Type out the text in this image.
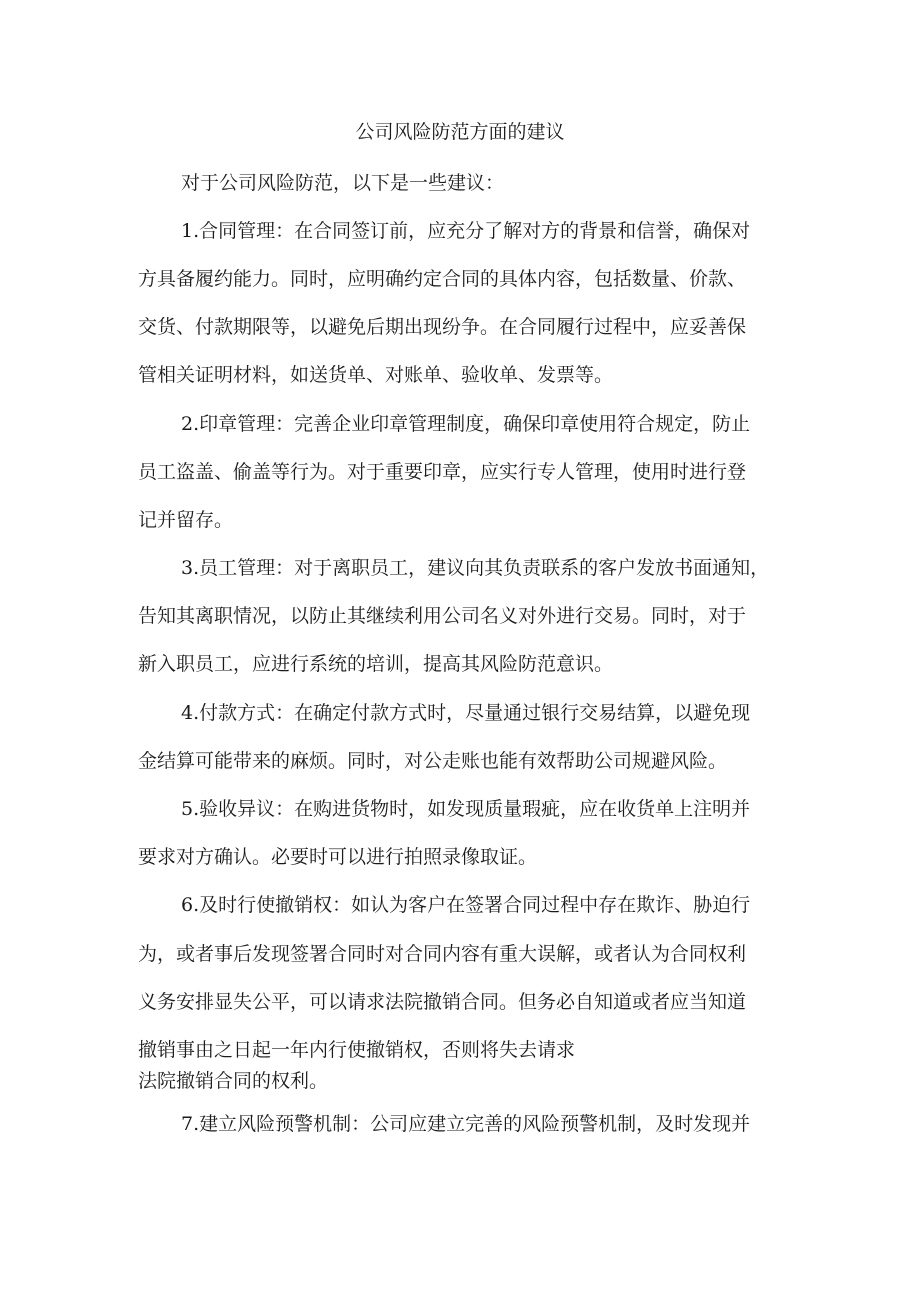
公司风险防范方面的建议
对于公司风险防范，以下是一些建议：
1.合同管理：在合同签订前，应充分了解对方的背景和信誉，确保对
方具备履约能力。同时，应明确约定合同的具体内容，包括数量、价款、
交货、付款期限等，以避免后期出现纷争。在合同履行过程中，应妥善保
管相关证明材料，如送货单、对账单、验收单、发票等。
2.印章管理：完善企业印章管理制度，确保印章使用符合规定，防止
员工盗盖、偷盖等行为。对于重要印章，应实行专人管理，使用时进行登
记并留存。
3.员工管理：对于离职员工，建议向其负责联系的客户发放书面通知，
告知其离职情况，以防止其继续利用公司名义对外进行交易。同时，对于
新入职员工，应进行系统的培训，提高其风险防范意识。
4.付款方式：在确定付款方式时，尽量通过银行交易结算，以避免现
金结算可能带来的麻烦。同时，对公走账也能有效帮助公司规避风险。
5.验收异议：在购进货物时，如发现质量瑕疵，应在收货单上注明并
要求对方确认。必要时可以进行拍照录像取证。
6.及时行使撤销权：如认为客户在签署合同过程中存在欺诈、胁迫行
为，或者事后发现签署合同时对合同内容有重大误解，或者认为合同权利
义务安排显失公平，可以请求法院撤销合同。但务必自知道或者应当知道
撤销事由之日起一年内行使撤销权，否则将失去请求
法院撤销合同的权利。
7.建立风险预警机制：公司应建立完善的风险预警机制，及时发现并
